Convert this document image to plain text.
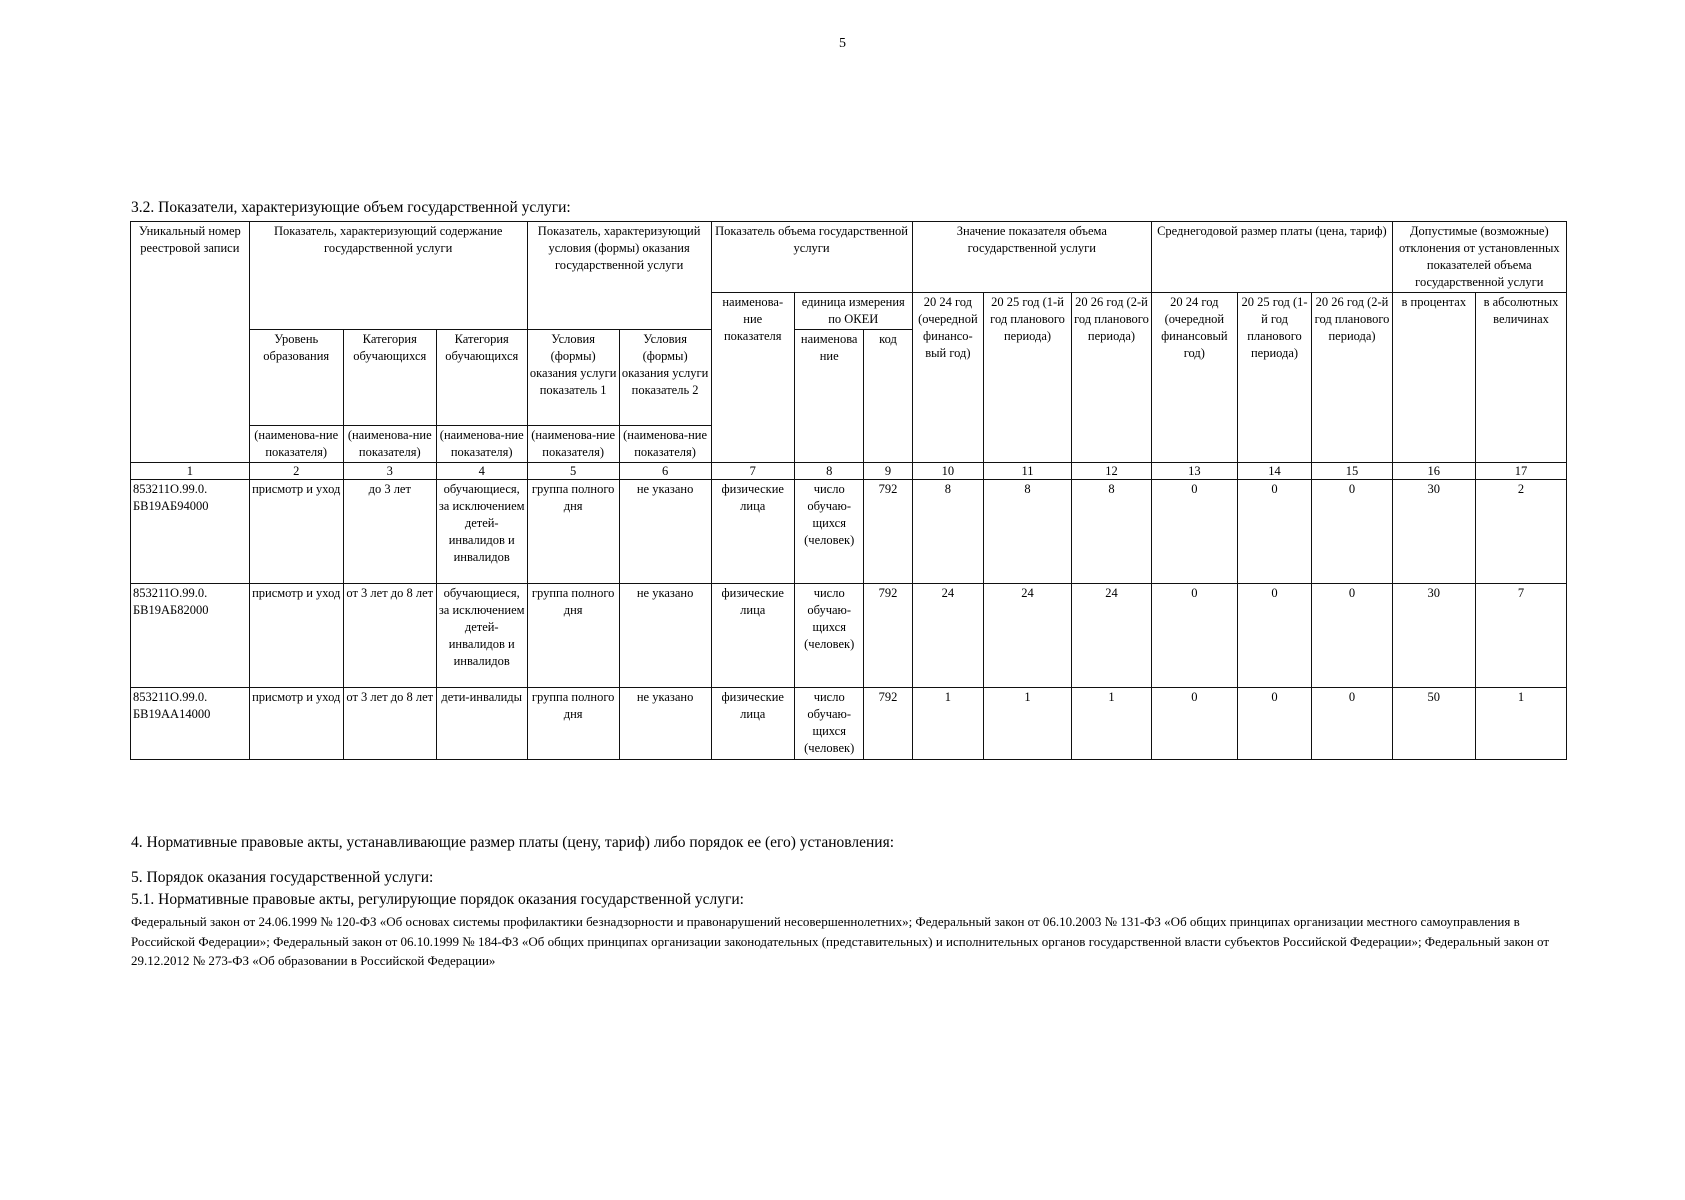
5
3.2. Показатели, характеризующие объем государственной услуги:
Уникальный номер реестровой записи	Показатель, характеризующий содержание государственной услуги			Показатель, характеризующий условия (формы) оказания государственной услуги		Показатель объема государственной услуги			Значение показателя объема государственной услуги			Среднегодовой размер платы (цена, тариф)			Допустимые (возможные) отклонения от установленных показателей объема государственной услуги	
						наименова-ние показателя	единица измерения по ОКЕИ		20 24 год (очередной финансо-вый год)	20 25 год (1-й год планового периода)	20 26 год (2-й год планового периода)	20 24 год (очередной финансовый год)	20 25 год (1-й год планового периода)	20 26 год (2-й год планового периода)	в процентах	в абсолютных величинах
	Уровень образования	Категория обучающихся	Категория обучающихся	Условия (формы) оказания услуги показатель 1	Условия (формы) оказания услуги показатель 2		наименова ние	код								
	(наименова-ние показателя)	(наименова-ние показателя)	(наименова-ние показателя)	(наименова-ние показателя)	(наименова-ние показателя)											
1	2	3	4	5	6	7	8	9	10	11	12	13	14	15	16	17
853211О.99.0. БВ19АБ94000	присмотр и уход	до 3 лет	обучающиеся, за исключением детей-инвалидов и инвалидов	группа полного дня	не указано	физические лица	число обучаю-щихся (человек)	792	8	8	8	0	0	0	30	2
853211О.99.0. БВ19АБ82000	присмотр и уход	от 3 лет до 8 лет	обучающиеся, за исключением детей-инвалидов и инвалидов	группа полного дня	не указано	физические лица	число обучаю-щихся (человек)	792	24	24	24	0	0	0	30	7
853211О.99.0. БВ19АА14000	присмотр и уход	от 3 лет до 8 лет	дети-инвалиды	группа полного дня	не указано	физические лица	число обучаю-щихся (человек)	792	1	1	1	0	0	0	50	1
4. Нормативные правовые акты, устанавливающие размер платы (цену, тариф) либо порядок ее (его) установления:
5. Порядок оказания государственной услуги:
5.1. Нормативные правовые акты, регулирующие порядок оказания государственной услуги:
Федеральный закон от 24.06.1999 № 120-ФЗ «Об основах системы профилактики безнадзорности и правонарушений несовершеннолетних»; Федеральный закон от 06.10.2003 № 131-ФЗ «Об общих принципах организации местного самоуправления в Российской Федерации»; Федеральный закон от 06.10.1999 № 184-ФЗ «Об общих принципах организации законодательных (представительных) и исполнительных органов государственной власти субъектов Российской Федерации»; Федеральный закон от 29.12.2012 № 273-ФЗ «Об образовании в Российской Федерации»
